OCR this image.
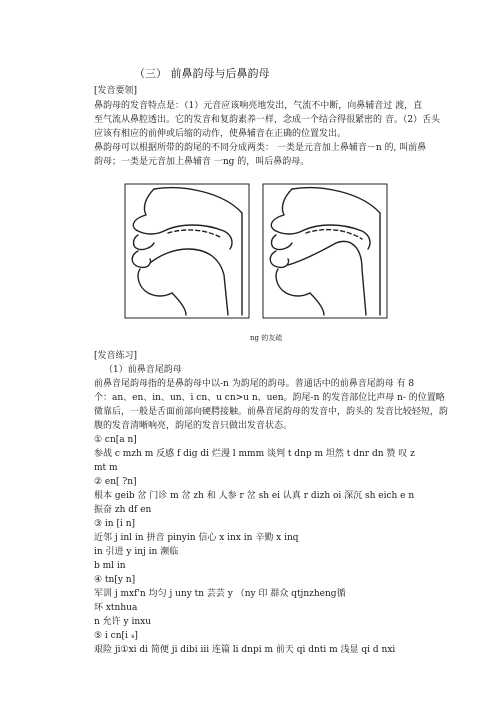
（三） 前鼻韵母与后鼻韵母

[发音要领]

鼻韵母的发音特点是：（1）元音应该响亮地发出，气流不中断，向鼻辅音过 渡，直

至气流从鼻腔透出。它的发音和复韵素养一样，念成一个结合得很紧密的 音。（2）舌头

应该有相应的前伸或后缩的动作，使鼻辅音在正确的位置发出。

鼻韵母可以根据所带的韵尾的不同分成两类： 一类是元音加上鼻辅音－n 的, 叫前鼻

韵母；一类是元音加上鼻辅音 一ng 的，叫后鼻韵母。

ng 的友疏

[发音练习]

（1）前鼻音尾韵母

前鼻音尾韵母指的是鼻韵母中以-n 为韵尾的韵母。普通话中的前鼻音尾韵母 有 8

个：an、en、in、un、i cn、u cn>u n、uen。韵尾-n 的发音部位比声母 n- 的位置略

微靠后，一般是舌面前部向硬腭接触。前鼻音尾韵母的发音中，韵头的 发音比较轻短，韵

腹的发音清晰响亮，韵尾的发音只做出发音状态。

① cn[a n]

参战 c mzh m 反感 f dig di 烂漫 l mmm 谈判 t dnp m 坦然 t dnr dn 赞 叹 z

mt m

② en[ ?n]

根本 geib 岔 门诊 m 岔 zh 和 人参 r 岔 sh ei 认真 r dizh oi 深沉 sh eich e n

振奋 zh df en

③ in [i n]

近邻 j inl in 拼音 pinyin 信心 x inx in 辛勤 x inq

in 引进 y inj in 濒临

b ml in

④ tn[y n]

军训 j mxf'n 均匀 j uny tn 芸芸 y （ny 印 群众 qtjnzheng循

环 xtnhua

n 允许 y inxu

⑤ i cn[i ₄]

艰险 ji①xi di 简便 ji dibi ⅲ 连篇 li dnpi m 前天 qi dnti m 浅显 qi d nxi
